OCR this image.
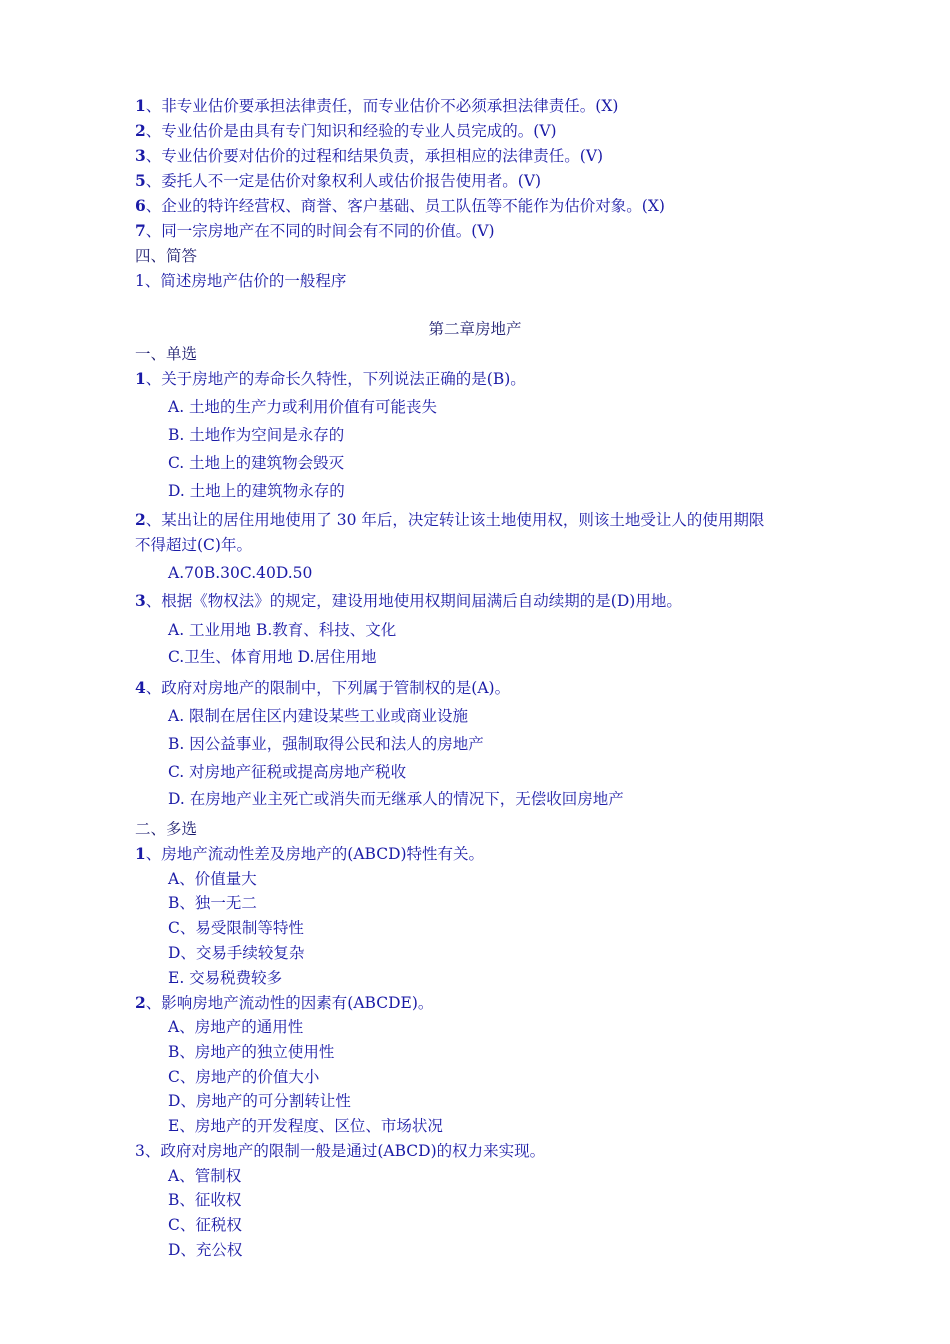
1、非专业估价要承担法律责任，而专业估价不必须承担法律责任。(X)
2、专业估价是由具有专门知识和经验的专业人员完成的。(V)
3、专业估价要对估价的过程和结果负责，承担相应的法律责任。(V)
5、委托人不一定是估价对象权利人或估价报告使用者。(V)
6、企业的特许经营权、商誉、客户基础、员工队伍等不能作为估价对象。(X)
7、同一宗房地产在不同的时间会有不同的价值。(V)
四、简答
1、简述房地产估价的一般程序
第二章房地产
一、单选
1、关于房地产的寿命长久特性，下列说法正确的是(B)。
A. 土地的生产力或利用价值有可能丧失
B. 土地作为空间是永存的
C. 土地上的建筑物会毁灭
D. 土地上的建筑物永存的
2、某出让的居住用地使用了 30 年后，决定转让该土地使用权，则该土地受让人的使用期限
不得超过(C)年。
A.70B.30C.40D.50
3、根据《物权法》的规定，建设用地使用权期间届满后自动续期的是(D)用地。
A. 工业用地 B.教育、科技、文化
C.卫生、体育用地 D.居住用地
4、政府对房地产的限制中，下列属于管制权的是(A)。
A. 限制在居住区内建设某些工业或商业设施
B. 因公益事业，强制取得公民和法人的房地产
C. 对房地产征税或提高房地产税收
D. 在房地产业主死亡或消失而无继承人的情况下，无偿收回房地产
二、多选
1、房地产流动性差及房地产的(ABCD)特性有关。
A、价值量大
B、独一无二
C、易受限制等特性
D、交易手续较复杂
E. 交易税费较多
2、影响房地产流动性的因素有(ABCDE)。
A、房地产的通用性
B、房地产的独立使用性
C、房地产的价值大小
D、房地产的可分割转让性
E、房地产的开发程度、区位、市场状况
3、政府对房地产的限制一般是通过(ABCD)的权力来实现。
A、管制权
B、征收权
C、征税权
D、充公权
